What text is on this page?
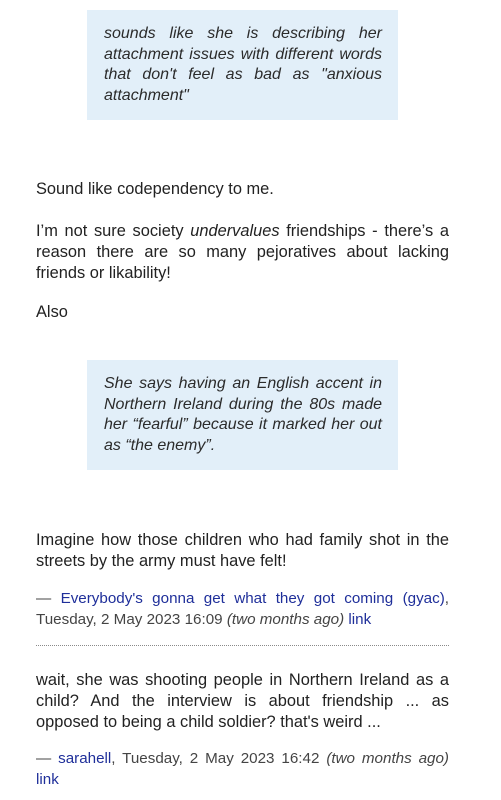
sounds like she is describing her attachment issues with different words that don't feel as bad as "anxious attachment"

Sound like codependency to me.

I’m not sure society undervalues friendships - there’s a reason there are so many pejoratives about lacking friends or likability!

Also

She says having an English accent in Northern Ireland during the 80s made her “fearful” because it marked her out as “the enemy”.

Imagine how those children who had family shot in the streets by the army must have felt!

— Everybody's gonna get what they got coming (gyac), Tuesday, 2 May 2023 16:09 (two months ago) link

wait, she was shooting people in Northern Ireland as a child? And the interview is about friendship ... as opposed to being a child soldier? that's weird ...

— sarahell, Tuesday, 2 May 2023 16:42 (two months ago) link
